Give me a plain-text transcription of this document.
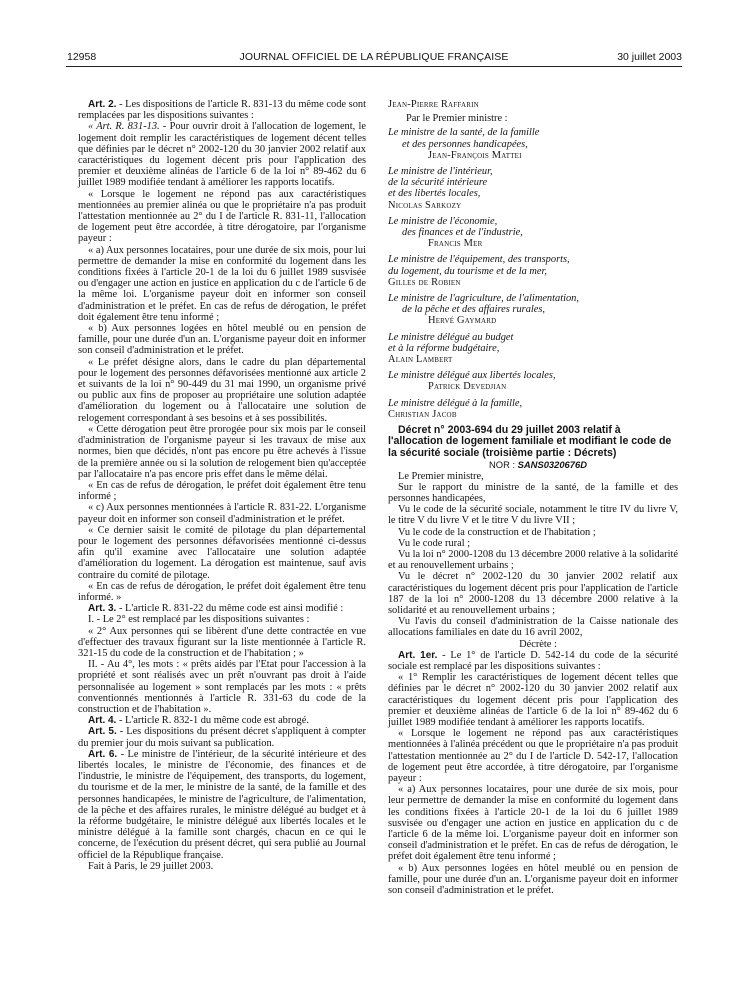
12958	JOURNAL OFFICIEL DE LA RÉPUBLIQUE FRANÇAISE	30 juillet 2003

Art. 2. - Les dispositions de l'article R. 831-13 du même code sont remplacées par les dispositions suivantes :

« Art. R. 831-13. - Pour ouvrir droit à l'allocation de logement, le logement doit remplir les caractéristiques de logement décent telles que définies par le décret n° 2002-120 du 30 janvier 2002 relatif aux caractéristiques du logement décent pris pour l'application des premier et deuxième alinéas de l'article 6 de la loi n° 89-462 du 6 juillet 1989 modifiée tendant à améliorer les rapports locatifs.

« Lorsque le logement ne répond pas aux caractéristiques mentionnées au premier alinéa ou que le propriétaire n'a pas produit l'attestation mentionnée au 2° du I de l'article R. 831-11, l'allocation de logement peut être accordée, à titre dérogatoire, par l'organisme payeur :

« a) Aux personnes locataires, pour une durée de six mois, pour lui permettre de demander la mise en conformité du logement dans les conditions fixées à l'article 20-1 de la loi du 6 juillet 1989 susvisée ou d'engager une action en justice en application du c de l'article 6 de la même loi. L'organisme payeur doit en informer son conseil d'administration et le préfet. En cas de refus de dérogation, le préfet doit également être tenu informé ;

« b) Aux personnes logées en hôtel meublé ou en pension de famille, pour une durée d'un an. L'organisme payeur doit en informer son conseil d'administration et le préfet.

« Le préfet désigne alors, dans le cadre du plan départemental pour le logement des personnes défavorisées mentionné aux article 2 et suivants de la loi n° 90-449 du 31 mai 1990, un organisme privé ou public aux fins de proposer au propriétaire une solution adaptée d'amélioration du logement ou à l'allocataire une solution de relogement correspondant à ses besoins et à ses possibilités.

« Cette dérogation peut être prorogée pour six mois par le conseil d'administration de l'organisme payeur si les travaux de mise aux normes, bien que décidés, n'ont pas encore pu être achevés à l'issue de la première année ou si la solution de relogement bien qu'acceptée par l'allocataire n'a pas encore pris effet dans le même délai.

« En cas de refus de dérogation, le préfet doit également être tenu informé ;

« c) Aux personnes mentionnées à l'article R. 831-22. L'organisme payeur doit en informer son conseil d'administration et le préfet.

« Ce dernier saisit le comité de pilotage du plan départemental pour le logement des personnes défavorisées mentionné ci-dessus afin qu'il examine avec l'allocataire une solution adaptée d'amélioration du logement. La dérogation est maintenue, sauf avis contraire du comité de pilotage.

« En cas de refus de dérogation, le préfet doit également être tenu informé. »

Art. 3. - L'article R. 831-22 du même code est ainsi modifié :

I. - Le 2° est remplacé par les dispositions suivantes :

« 2° Aux personnes qui se libèrent d'une dette contractée en vue d'effectuer des travaux figurant sur la liste mentionnée à l'article R. 321-15 du code de la construction et de l'habitation ; »

II. - Au 4°, les mots : « prêts aidés par l'Etat pour l'accession à la propriété et sont réalisés avec un prêt n'ouvrant pas droit à l'aide personnalisée au logement » sont remplacés par les mots : « prêts conventionnés mentionnés à l'article R. 331-63 du code de la construction et de l'habitation ».

Art. 4. - L'article R. 832-1 du même code est abrogé.

Art. 5. - Les dispositions du présent décret s'appliquent à compter du premier jour du mois suivant sa publication.

Art. 6. - Le ministre de l'intérieur, de la sécurité intérieure et des libertés locales, le ministre de l'économie, des finances et de l'industrie, le ministre de l'équipement, des transports, du logement, du tourisme et de la mer, le ministre de la santé, de la famille et des personnes handicapées, le ministre de l'agriculture, de l'alimentation, de la pêche et des affaires rurales, le ministre délégué au budget et à la réforme budgétaire, le ministre délégué aux libertés locales et le ministre délégué à la famille sont chargés, chacun en ce qui le concerne, de l'exécution du présent décret, qui sera publié au Journal officiel de la République française.

Fait à Paris, le 29 juillet 2003.

Jean-Pierre Raffarin
Par le Premier ministre :
Le ministre de la santé, de la famille
et des personnes handicapées,
Jean-François Mattei
Le ministre de l'intérieur,
de la sécurité intérieure
et des libertés locales,
Nicolas Sarkozy
Le ministre de l'économie,
des finances et de l'industrie,
Francis Mer
Le ministre de l'équipement, des transports,
du logement, du tourisme et de la mer,
Gilles de Robien
Le ministre de l'agriculture, de l'alimentation,
de la pêche et des affaires rurales,
Hervé Gaymard
Le ministre délégué au budget
et à la réforme budgétaire,
Alain Lambert
Le ministre délégué aux libertés locales,
Patrick Devedjian
Le ministre délégué à la famille,
Christian Jacob

Décret n° 2003-694 du 29 juillet 2003 relatif à l'allocation de logement familiale et modifiant le code de la sécurité sociale (troisième partie : Décrets)

NOR : SANS0320676D

Le Premier ministre,

Sur le rapport du ministre de la santé, de la famille et des personnes handicapées,

Vu le code de la sécurité sociale, notamment le titre IV du livre V, le titre V du livre V et le titre V du livre VII ;

Vu le code de la construction et de l'habitation ;

Vu le code rural ;

Vu la loi n° 2000-1208 du 13 décembre 2000 relative à la solidarité et au renouvellement urbains ;

Vu le décret n° 2002-120 du 30 janvier 2002 relatif aux caractéristiques du logement décent pris pour l'application de l'article 187 de la loi n° 2000-1208 du 13 décembre 2000 relative à la solidarité et au renouvellement urbains ;

Vu l'avis du conseil d'administration de la Caisse nationale des allocations familiales en date du 16 avril 2002,

Décrète :

Art. 1er. - Le 1° de l'article D. 542-14 du code de la sécurité sociale est remplacé par les dispositions suivantes :

« 1° Remplir les caractéristiques de logement décent telles que définies par le décret n° 2002-120 du 30 janvier 2002 relatif aux caractéristiques du logement décent pris pour l'application des premier et deuxième alinéas de l'article 6 de la loi n° 89-462 du 6 juillet 1989 modifiée tendant à améliorer les rapports locatifs.

« Lorsque le logement ne répond pas aux caractéristiques mentionnées à l'alinéa précédent ou que le propriétaire n'a pas produit l'attestation mentionnée au 2° du I de l'article D. 542-17, l'allocation de logement peut être accordée, à titre dérogatoire, par l'organisme payeur :

« a) Aux personnes locataires, pour une durée de six mois, pour leur permettre de demander la mise en conformité du logement dans les conditions fixées à l'article 20-1 de la loi du 6 juillet 1989 susvisée ou d'engager une action en justice en application du c de l'article 6 de la même loi. L'organisme payeur doit en informer son conseil d'administration et le préfet. En cas de refus de dérogation, le préfet doit également être tenu informé ;

« b) Aux personnes logées en hôtel meublé ou en pension de famille, pour une durée d'un an. L'organisme payeur doit en informer son conseil d'administration et le préfet.
